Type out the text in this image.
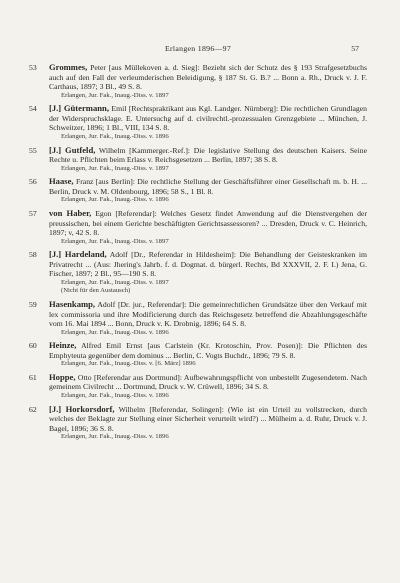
Erlangen 1896—97	57
53	Grommes, Peter [aus Müllekoven a. d. Sieg]: Bezieht sich der Schutz des § 193 Strafgesetzbuchs auch auf den Fall der verleumderischen Beleidigung, § 187 St. G. B.? ... Bonn a. Rh., Druck v. J. F. Carthaus, 1897; 3 Bl., 49 S. 8.
Erlangen, Jur. Fak., Inaug.-Diss. v. 1897
54	[J.] Gütermann, Emil [Rechtspraktikant aus Kgl. Landger. Nürnberg]: Die rechtlichen Grundlagen der Widerspruchsklage. E. Untersuchg auf d. civilrechtl.-prozessualen Grenzgebiete ... München, J. Schweitzer, 1896; 1 Bl., VIII, 134 S. 8.
Erlangen, Jur. Fak., Inaug.-Diss. v. 1896
55	[J.] Gutfeld, Wilhelm [Kammerger.-Ref.]: Die legislative Stellung des deutschen Kaisers. Seine Rechte u. Pflichten beim Erlass v. Reichsgesetzen ... Berlin, 1897; 38 S. 8.
Erlangen, Jur. Fak., Inaug.-Diss. v. 1897
56	Haase, Franz [aus Berlin]: Die rechtliche Stellung der Geschäftsführer einer Gesellschaft m. b. H. ... Berlin, Druck v. M. Oldenbourg, 1896; 58 S., 1 Bl. 8.
Erlangen, Jur. Fak., Inaug.-Diss. v. 1896
57	von Haber, Egon [Referendar]: Welches Gesetz findet Anwendung auf die Dienstvergehen der preussischen, bei einem Gerichte beschäftigten Gerichtsassessoren? ... Dresden, Druck v. C. Heinrich, 1897; v, 42 S. 8.
Erlangen, Jur. Fak., Inaug.-Diss. v. 1897
58	[J.] Hardeland, Adolf [Dr., Referendar in Hildesheim]: Die Behandlung der Geisteskranken im Privatrecht ... (Aus: Jhering's Jahrb. f. d. Dogmat. d. bürgerl. Rechts, Bd XXXVII, 2. F. I.) Jena, G. Fischer, 1897; 2 Bl., 95—190 S. 8.
Erlangen, Jur. Fak., Inaug.-Diss. v. 1897
(Nicht für den Austausch)
59	Hasenkamp, Adolf [Dr. jur., Referendar]: Die gemeinrechtlichen Grundsätze über den Verkauf mit lex commissoria und ihre Modificierung durch das Reichsgesetz betreffend die Abzahlungsgeschäfte vom 16. Mai 1894 ... Bonn, Druck v. K. Drobnig, 1896; 64 S. 8.
Erlangen, Jur. Fak., Inaug.-Diss. v. 1896
60	Heinze, Alfred Emil Ernst [aus Carlstein (Kr. Krotoschin, Prov. Posen)]: Die Pflichten des Emphyteuta gegenüber dem dominus ... Berlin, C. Vogts Buchdr., 1896; 79 S. 8.
Erlangen, Jur. Fak., Inaug.-Diss. v. [6. März] 1896
61	Hoppe, Otto [Referendar aus Dortmund]: Aufbewahrungspflicht von unbestellt Zugesendetem. Nach gemeinem Civilrecht ... Dortmund, Druck v. W. Crüwell, 1896; 34 S. 8.
Erlangen, Jur. Fak., Inaug.-Diss. v. 1896
62	[J.] Horkorsdorf, Wilhelm [Referendar, Solingen]: (Wie ist ein Urteil zu vollstrecken, durch welches der Beklagte zur Stellung einer Sicherheit verurteilt wird?) ... Mülheim a. d. Ruhr, Druck v. J. Bagel, 1896; 36 S. 8.
Erlangen, Jur. Fak., Inaug.-Diss. v. 1896
